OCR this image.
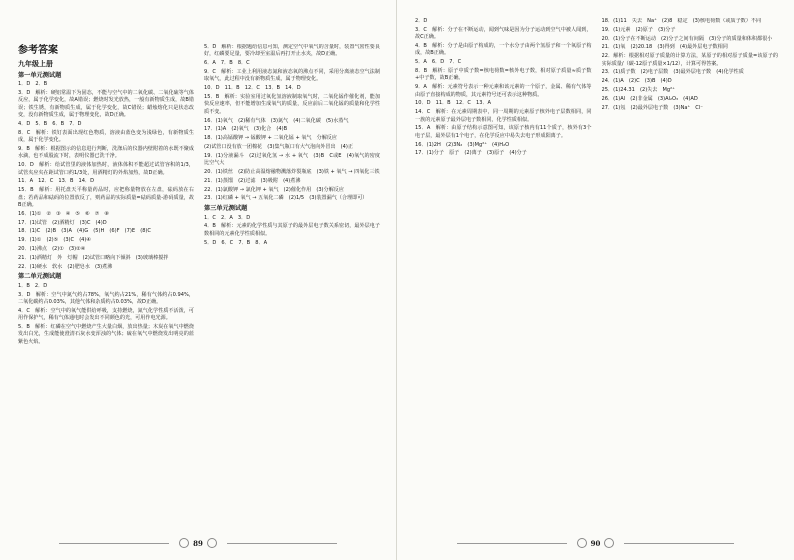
参考答案

九年级上册

第一单元测试题

1．D　2．B

3．D　解析：硬铝常温下为固态，不能与空气中的二氧化碳、二氧化硫等气体反应，属于化学变化，故A错误；燃烧时发光放热，一般有新物质生成，故B错误；铁生锈，有新物质生成，属于化学变化，故C错误；蜡烛熔化只是状态改变，没有新物质生成，属于物理变化，故D正确。

4．D　5．B　6．B　7．D

8．C　解析：铁钉表面出现红色物质，溶液由蓝色变为浅绿色，有新物质生成，属于化学变化。

9．B　解析：根据图示的信息进行判断，洗涤后的仪器内壁附着的水既不聚成水滴，也不成股流下时，表明仪器已洗干净。

10．D　解析：给试管里的液体加热时，液体体积不能超过试管容积的1/3，试管夹应夹在距试管口约1/3处，用酒精灯的外焰加热，故D正确。

11．A　12．C　13．B　14．D

15．B　解析：用托盘天平称量药品时，应把称量物放在左盘，砝码放在右盘；若药品和砝码的位置放反了，则药品的实际质量=砝码质量-游码质量，故B正确。

16．(1)①　②　③　④　⑤　⑥　⑦　⑧

17．(1)试管　(2)酒精灯　(3)C　(4)D

18．(1)C　(2)B　(3)A　(4)G　(5)H　(6)F　(7)E　(8)C

19．(1)①　(2)⑤　(3)C　(4)④

20．(1)沸点　(2)①　(3)②④

21．(1)酒精灯　外　灯帽　(2)试管口略向下倾斜　(3)玻璃棒搅拌

22．(1)硬水　软水　(2)肥皂水　(3)煮沸

第二单元测试题

1．B　2．D

3．D　解析：空气中氮气约占78%，氧气约占21%，稀有气体约占0.94%，二氧化碳约占0.03%，其他气体和杂质约占0.03%，故D正确。

4．C　解析：空气中的氧气能供给呼吸，支持燃烧，氮气化学性质不活泼，可用作保护气，稀有气体通电时会发出不同颜色的光，可用作电光源。

5．B　解析：红磷在空气中燃烧产生大量白烟，放出热量；木炭在氧气中燃烧发出白光，生成能使澄清石灰水变浑浊的气体；硫在氧气中燃烧发出明亮的蓝紫色火焰。

5．D　解析：根据题给信息可知，测定空气中氧气的含量时，装置气密性要良好，红磷要足量，要冷却至室温后再打开止水夹，故D正确。

6．A　7．B　8．C

9．C　解析：工业上利用液态氮和液态氧的沸点不同，采用分离液态空气法制取氧气，此过程中没有新物质生成，属于物理变化。

10．D　11．B　12．C　13．B　14．D

15．B　解析：实验室用过氧化氢溶液制取氧气时，二氧化锰作催化剂，能加快反应速率，但不能增加生成氧气的质量，反应前后二氧化锰的质量和化学性质不变。

16．(1)氧气　(2)稀有气体　(3)氮气　(4)二氧化碳　(5)水蒸气

17．(1)A　(2)氧气　(3)化合　(4)B

18．(1)高锰酸钾 → 锰酸钾 + 二氧化锰 + 氧气　分解反应

(2)试管口没有放一团棉花　(3)集气瓶口有大气泡向外冒出　(4)正

19．(1)分液漏斗　(2)过氧化氢 → 水 + 氧气　(3)B　C或E　(4)氧气的密度比空气大

20．(1)铁丝　(2)防止高温熔融物溅落炸裂瓶底　(3)铁 + 氧气 → 四氧化三铁

21．(1)蒸馏　(2)过滤　(3)吸附　(4)煮沸

22．(1)氯酸钾 → 氯化钾 + 氧气　(2)催化作用　(3)分解反应

23．(1)红磷 + 氧气 → 五氧化二磷　(2)1/5　(3)装置漏气（合理即可）

第三单元测试题

1．C　2．A　3．D

4．B　解析：元素的化学性质与其原子的最外层电子数关系密切，最外层电子数相同的元素化学性质相似。

5．D　6．C　7．B　8．A

89

2．D

3．C　解析：分子在不断运动，闻到气味是因为分子运动到空气中被人闻到，故C正确。

4．B　解析：分子是由原子构成的，一个水分子由两个氢原子和一个氧原子构成，故B正确。

5．A　6．D　7．C

8．B　解析：原子中质子数=核电荷数=核外电子数，相对原子质量≈质子数+中子数，故B正确。

9．A　解析：元素符号表示一种元素和该元素的一个原子，金属、稀有气体等由原子直接构成的物质，其元素符号还可表示这种物质。

10．D　11．B　12．C　13．A

14．C　解析：在元素周期表中，同一周期的元素原子核外电子层数相同，同一族的元素原子最外层电子数相同，化学性质相似。

15．A　解析：由原子结构示意图可知，该原子核内有11个质子，核外有3个电子层，最外层有1个电子，在化学反应中易失去电子形成阳离子。

16．(1)2H　(2)3N₂　(3)Mg²⁺　(4)H₂O

17．(1)分子　原子　(2)离子　(3)原子　(4)分子

18．(1)11　失去　Na⁺　(2)8　稳定　(3)核电荷数（或质子数）不同

19．(1)元素　(2)原子　(3)分子

20．(1)分子在不断运动　(2)分子之间有间隔　(3)分子的质量和体积都很小

21．(1)氧　(2)20.18　(3)得到　(4)最外层电子数相同

22．解析：根据相对原子质量的计算方法，某原子的相对原子质量=该原子的实际质量/（碳-12原子质量×1/12），计算可得答案。

23．(1)质子数　(2)电子层数　(3)最外层电子数　(4)化学性质

24．(1)A　(2)C　(3)B　(4)D

25．(1)24.31　(2)失去　Mg²⁺

26．(1)Al　(2)非金属　(3)Al₂O₃　(4)AD

27．(1)氖　(2)最外层电子数　(3)Na⁺　Cl⁻

90
